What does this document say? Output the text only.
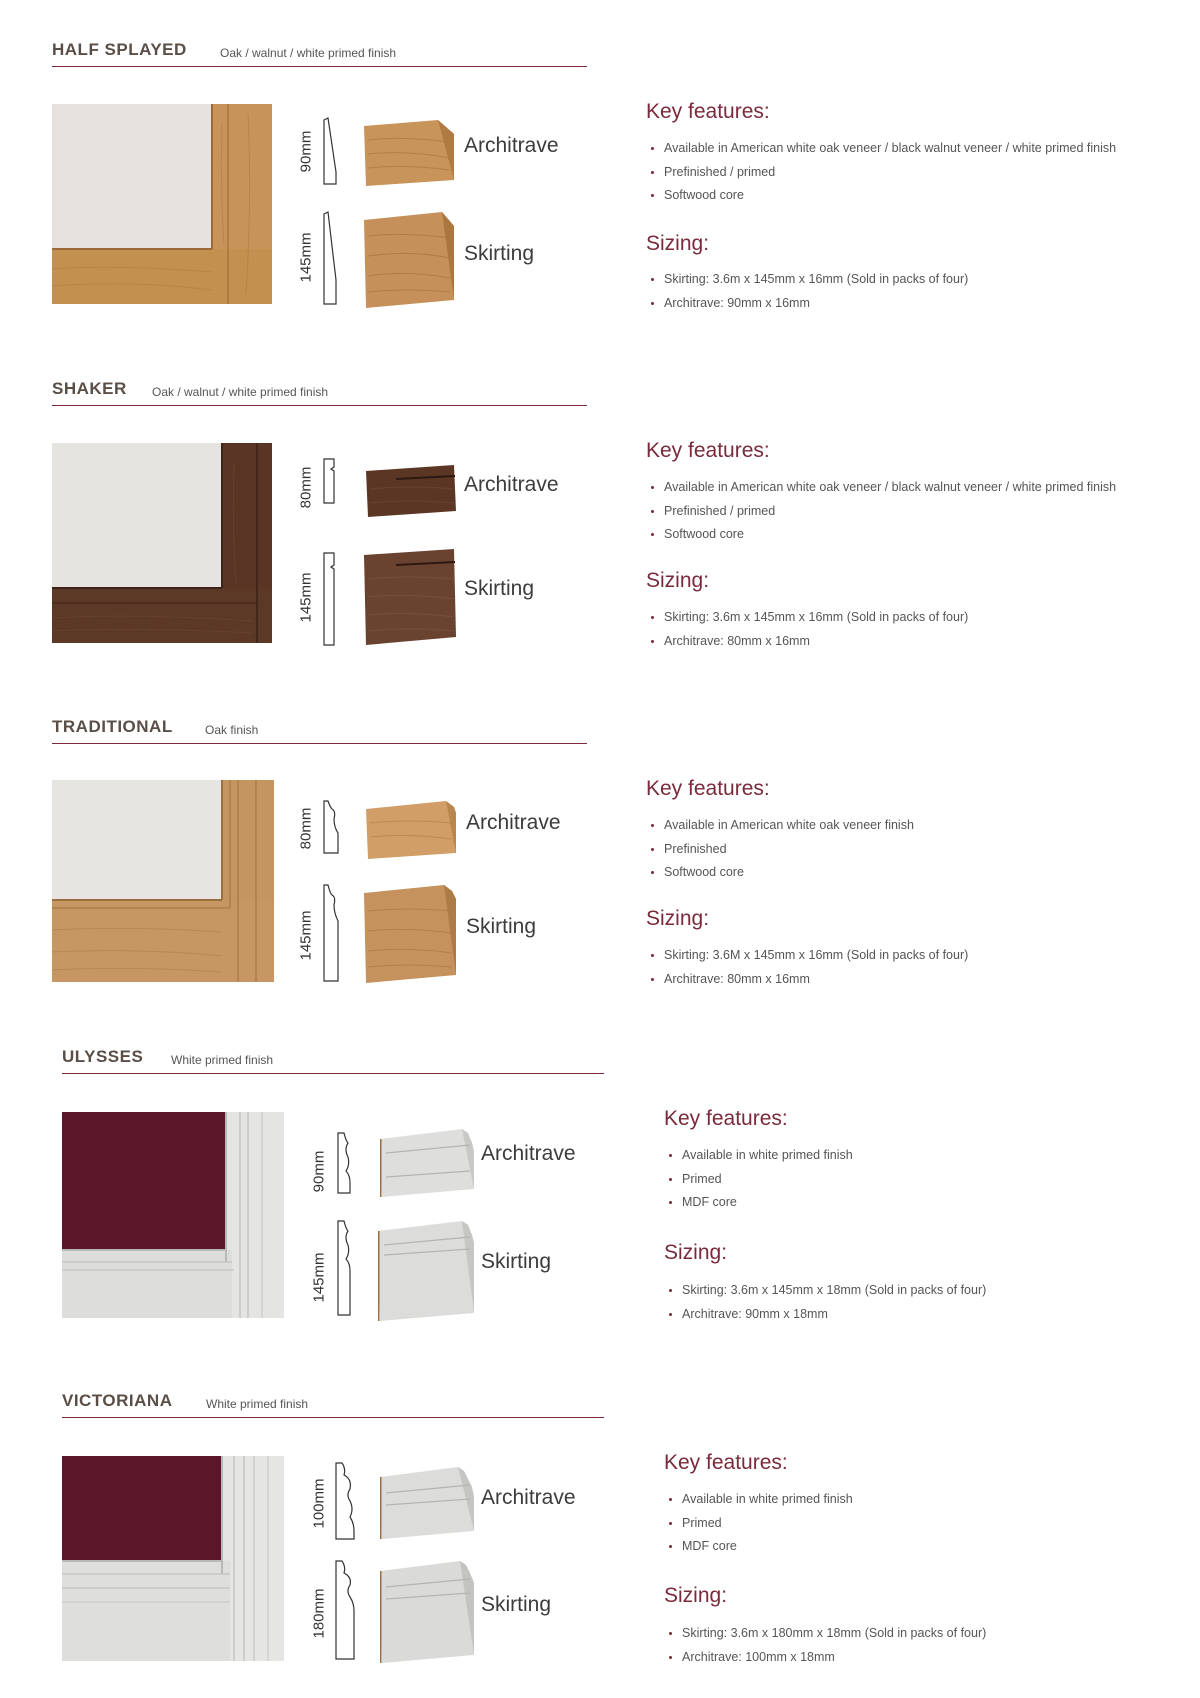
HALF SPLAYED	Oak / walnut / white primed finish
90mm	Architrave
145mm	Skirting
Key features:
• Available in American white oak veneer / black walnut veneer / white primed finish
• Prefinished / primed
• Softwood core
Sizing:
• Skirting: 3.6m x 145mm x 16mm (Sold in packs of four)
• Architrave: 90mm x 16mm
SHAKER Oak / walnut / white primed finish
80mm	Architrave
145mm	Skirting
Key features:
• Available in American white oak veneer / black walnut veneer / white primed finish
• Prefinished / primed
• Softwood core
Sizing:
• Skirting: 3.6m x 145mm x 16mm (Sold in packs of four)
• Architrave: 80mm x 16mm
TRADITIONAL	Oak finish
80mm	Architrave
145mm	Skirting
Key features:
• Available in American white oak veneer finish
• Prefinished
• Softwood core
Sizing:
• Skirting: 3.6M x 145mm x 16mm (Sold in packs of four)
• Architrave: 80mm x 16mm
ULYSSES White primed finish
90mm	Architrave
145mm	Skirting
Key features:
• Available in white primed finish
• Primed
• MDF core
Sizing:
• Skirting: 3.6m x 145mm x 18mm (Sold in packs of four)
• Architrave: 90mm x 18mm
VICTORIANA	White primed finish
100mm	Architrave
180mm	Skirting
Key features:
• Available in white primed finish
• Primed
• MDF core
Sizing:
• Skirting: 3.6m x 180mm x 18mm (Sold in packs of four)
• Architrave: 100mm x 18mm
